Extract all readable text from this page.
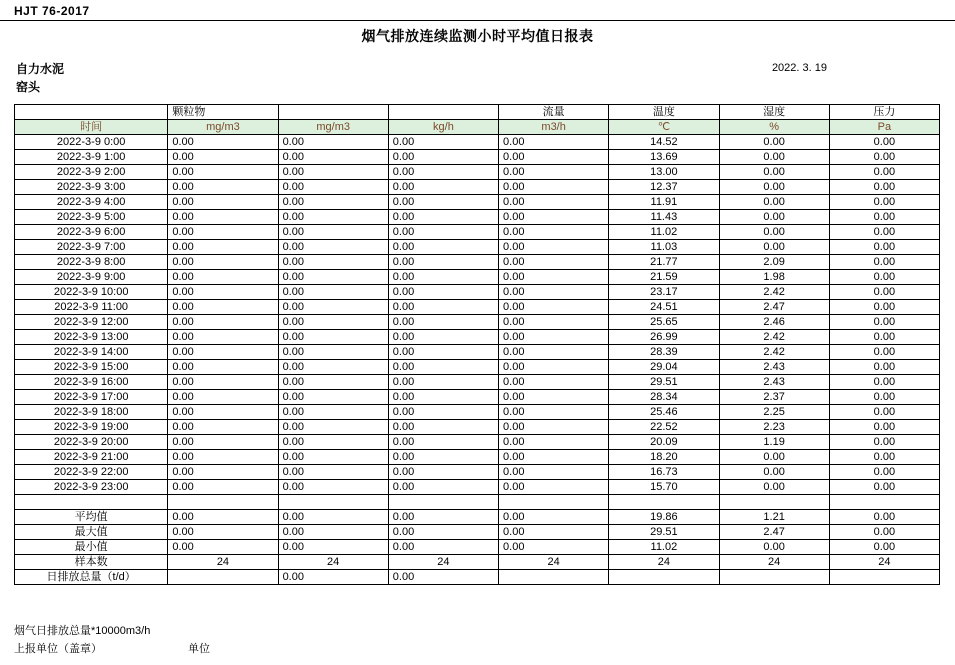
HJT 76-2017
烟气排放连续监测小时平均值日报表
自力水泥
窑头
2022. 3. 19
	颗粒物			流量	温度	湿度	压力
时间	mg/m3	mg/m3	kg/h	m3/h	℃	%	Pa
2022-3-9 0:00	0.00	0.00	0.00	0.00	14.52	0.00	0.00
2022-3-9 1:00	0.00	0.00	0.00	0.00	13.69	0.00	0.00
2022-3-9 2:00	0.00	0.00	0.00	0.00	13.00	0.00	0.00
2022-3-9 3:00	0.00	0.00	0.00	0.00	12.37	0.00	0.00
2022-3-9 4:00	0.00	0.00	0.00	0.00	11.91	0.00	0.00
2022-3-9 5:00	0.00	0.00	0.00	0.00	11.43	0.00	0.00
2022-3-9 6:00	0.00	0.00	0.00	0.00	11.02	0.00	0.00
2022-3-9 7:00	0.00	0.00	0.00	0.00	11.03	0.00	0.00
2022-3-9 8:00	0.00	0.00	0.00	0.00	21.77	2.09	0.00
2022-3-9 9:00	0.00	0.00	0.00	0.00	21.59	1.98	0.00
2022-3-9 10:00	0.00	0.00	0.00	0.00	23.17	2.42	0.00
2022-3-9 11:00	0.00	0.00	0.00	0.00	24.51	2.47	0.00
2022-3-9 12:00	0.00	0.00	0.00	0.00	25.65	2.46	0.00
2022-3-9 13:00	0.00	0.00	0.00	0.00	26.99	2.42	0.00
2022-3-9 14:00	0.00	0.00	0.00	0.00	28.39	2.42	0.00
2022-3-9 15:00	0.00	0.00	0.00	0.00	29.04	2.43	0.00
2022-3-9 16:00	0.00	0.00	0.00	0.00	29.51	2.43	0.00
2022-3-9 17:00	0.00	0.00	0.00	0.00	28.34	2.37	0.00
2022-3-9 18:00	0.00	0.00	0.00	0.00	25.46	2.25	0.00
2022-3-9 19:00	0.00	0.00	0.00	0.00	22.52	2.23	0.00
2022-3-9 20:00	0.00	0.00	0.00	0.00	20.09	1.19	0.00
2022-3-9 21:00	0.00	0.00	0.00	0.00	18.20	0.00	0.00
2022-3-9 22:00	0.00	0.00	0.00	0.00	16.73	0.00	0.00
2022-3-9 23:00	0.00	0.00	0.00	0.00	15.70	0.00	0.00

平均值	0.00	0.00	0.00	0.00	19.86	1.21	0.00
最大值	0.00	0.00	0.00	0.00	29.51	2.47	0.00
最小值	0.00	0.00	0.00	0.00	11.02	0.00	0.00
样本数	24	24	24	24	24	24	24
日排放总量（t/d）		0.00	0.00				
烟气日排放总量*10000m3/h
上报单位（盖章）	单位
